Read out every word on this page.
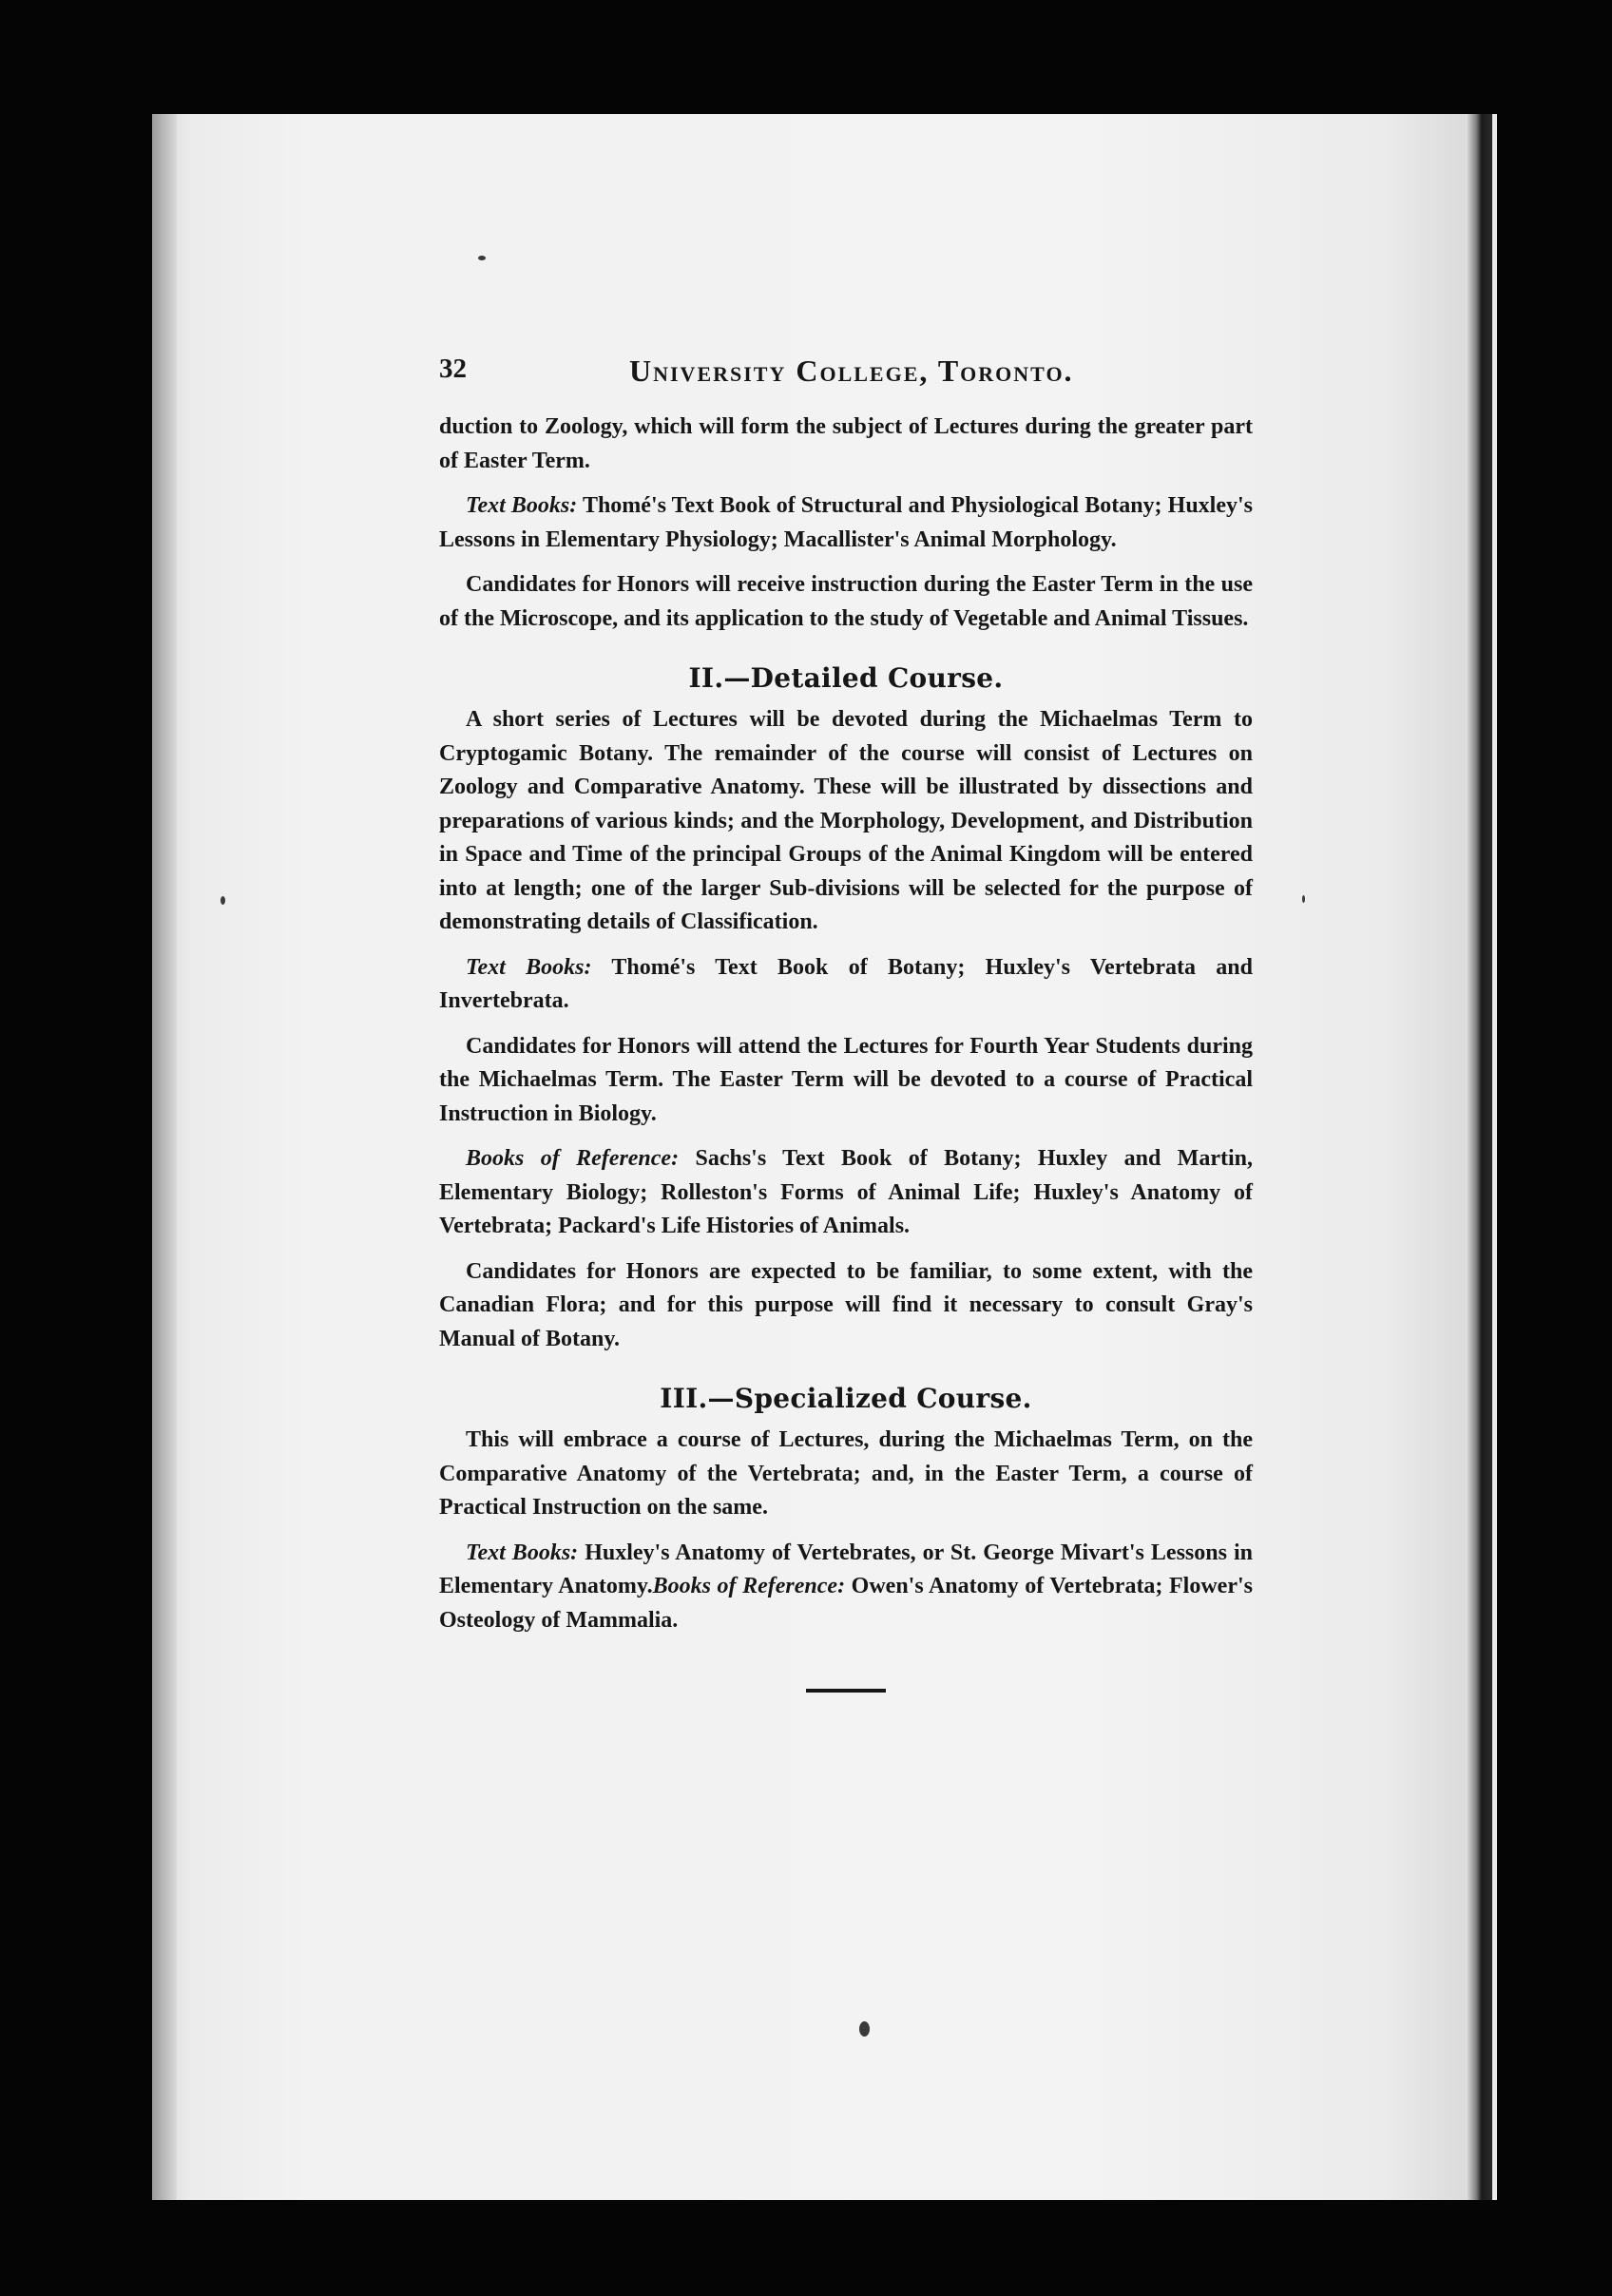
32	University College, Toronto.

duction to Zoology, which will form the subject of Lectures during the greater part of Easter Term.

Text Books: Thomé's Text Book of Structural and Physiological Botany; Huxley's Lessons in Elementary Physiology; Macallister's Animal Morphology.

Candidates for Honors will receive instruction during the Easter Term in the use of the Microscope, and its application to the study of Vegetable and Animal Tissues.

II.—Detailed Course.

A short series of Lectures will be devoted during the Michaelmas Term to Cryptogamic Botany. The remainder of the course will consist of Lectures on Zoology and Comparative Anatomy. These will be illustrated by dissections and preparations of various kinds; and the Morphology, Development, and Distribution in Space and Time of the principal Groups of the Animal Kingdom will be entered into at length; one of the larger Sub-divisions will be selected for the purpose of demonstrating details of Classification.

Text Books: Thomé's Text Book of Botany; Huxley's Vertebrata and Invertebrata.

Candidates for Honors will attend the Lectures for Fourth Year Students during the Michaelmas Term. The Easter Term will be devoted to a course of Practical Instruction in Biology.

Books of Reference: Sachs's Text Book of Botany; Huxley and Martin, Elementary Biology; Rolleston's Forms of Animal Life; Huxley's Anatomy of Vertebrata; Packard's Life Histories of Animals.

Candidates for Honors are expected to be familiar, to some extent, with the Canadian Flora; and for this purpose will find it necessary to consult Gray's Manual of Botany.

III.—Specialized Course.

This will embrace a course of Lectures, during the Michaelmas Term, on the Comparative Anatomy of the Vertebrata; and, in the Easter Term, a course of Practical Instruction on the same.

Text Books: Huxley's Anatomy of Vertebrates, or St. George Mivart's Lessons in Elementary Anatomy.Books of Reference: Owen's Anatomy of Vertebrata; Flower's Osteology of Mammalia.
